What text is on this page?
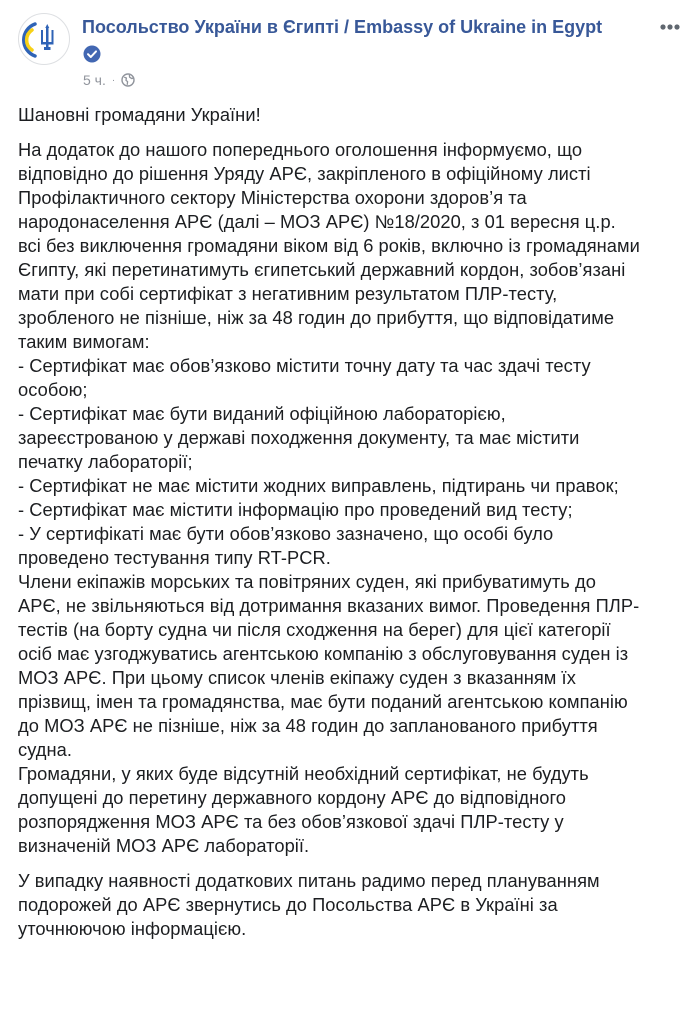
Посольство України в Єгипті / Embassy of Ukraine in Egypt
5 ч. ·

Шановні громадяни України!

На додаток до нашого попереднього оголошення інформуємо, що
відповідно до рішення Уряду АРЄ, закріпленого в офіційному листі
Профілактичного сектору Міністерства охорони здоров’я та
народонаселення АРЄ (далі – МОЗ АРЄ) №18/2020, з 01 вересня ц.р.
всі без виключення громадяни віком від 6 років, включно із громадянами
Єгипту, які перетинатимуть єгипетський державний кордон, зобов’язані
мати при собі сертифікат з негативним результатом ПЛР-тесту,
зробленого не пізніше, ніж за 48 годин до прибуття, що відповідатиме
таким вимогам:
- Сертифікат має обов’язково містити точну дату та час здачі тесту
особою;
- Сертифікат має бути виданий офіційною лабораторією,
зареєстрованою у державі походження документу, та має містити
печатку лабораторії;
- Сертифікат не має містити жодних виправлень, підтирань чи правок;
- Сертифікат має містити інформацію про проведений вид тесту;
- У сертифікаті має бути обов’язково зазначено, що особі було
проведено тестування типу RT-PCR.
Члени екіпажів морських та повітряних суден, які прибуватимуть до
АРЄ, не звільняються від дотримання вказаних вимог. Проведення ПЛР-
тестів (на борту судна чи після сходження на берег) для цієї категорії
осіб має узгоджуватись агентською компанію з обслуговування суден із
МОЗ АРЄ. При цьому список членів екіпажу суден з вказанням їх
прізвищ, імен та громадянства, має бути поданий агентською компанію
до МОЗ АРЄ не пізніше, ніж за 48 годин до запланованого прибуття
судна.
Громадяни, у яких буде відсутній необхідний сертифікат, не будуть
допущені до перетину державного кордону АРЄ до відповідного
розпорядження МОЗ АРЄ та без обов’язкової здачі ПЛР-тесту у
визначеній МОЗ АРЄ лабораторії.

У випадку наявності додаткових питань радимо перед плануванням
подорожей до АРЄ звернутись до Посольства АРЄ в Україні за
уточнюючою інформацією.
